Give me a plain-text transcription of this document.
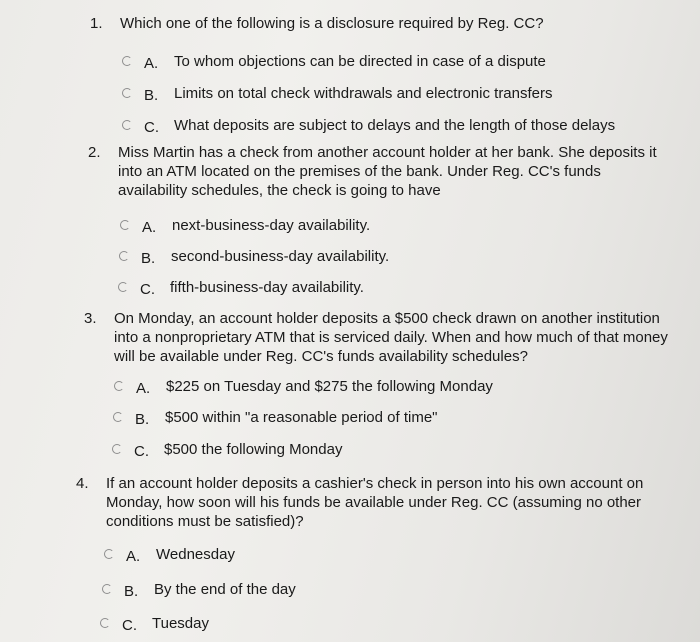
1.	Which one of the following is a disclosure required by Reg. CC?
A. To whom objections can be directed in case of a dispute
B. Limits on total check withdrawals and electronic transfers
C. What deposits are subject to delays and the length of those delays
2.	Miss Martin has a check from another account holder at her bank. She deposits it into an ATM located on the premises of the bank. Under Reg. CC's funds availability schedules, the check is going to have
A. next-business-day availability.
B. second-business-day availability.
C. fifth-business-day availability.
3.	On Monday, an account holder deposits a $500 check drawn on another institution into a nonproprietary ATM that is serviced daily. When and how much of that money will be available under Reg. CC's funds availability schedules?
A. $225 on Tuesday and $275 the following Monday
B. $500 within "a reasonable period of time"
C. $500 the following Monday
4.	If an account holder deposits a cashier's check in person into his own account on Monday, how soon will his funds be available under Reg. CC (assuming no other conditions must be satisfied)?
A. Wednesday
B. By the end of the day
C. Tuesday
